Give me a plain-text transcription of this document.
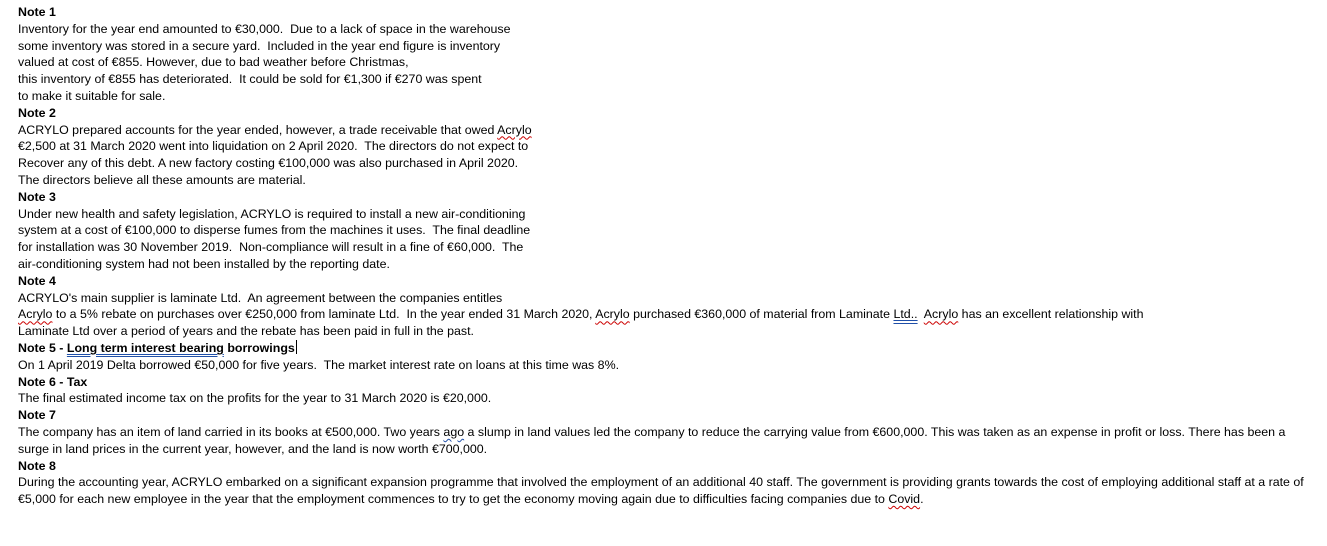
Note 1
Inventory for the year end amounted to €30,000.  Due to a lack of space in the warehouse
some inventory was stored in a secure yard.  Included in the year end figure is inventory
valued at cost of €855. However, due to bad weather before Christmas,
this inventory of €855 has deteriorated.  It could be sold for €1,300 if €270 was spent
to make it suitable for sale.
Note 2
ACRYLO prepared accounts for the year ended, however, a trade receivable that owed Acrylo
€2,500 at 31 March 2020 went into liquidation on 2 April 2020.  The directors do not expect to
Recover any of this debt. A new factory costing €100,000 was also purchased in April 2020.
The directors believe all these amounts are material.
Note 3
Under new health and safety legislation, ACRYLO is required to install a new air-conditioning
system at a cost of €100,000 to disperse fumes from the machines it uses.  The final deadline
for installation was 30 November 2019.  Non-compliance will result in a fine of €60,000.  The
air-conditioning system had not been installed by the reporting date.
Note 4
ACRYLO's main supplier is laminate Ltd.  An agreement between the companies entitles
Acrylo to a 5% rebate on purchases over €250,000 from laminate Ltd.  In the year ended 31 March 2020, Acrylo purchased €360,000 of material from Laminate Ltd.. Acrylo has an excellent relationship with
Laminate Ltd over a period of years and the rebate has been paid in full in the past.
Note 5 - Long term interest bearing borrowings
On 1 April 2019 Delta borrowed €50,000 for five years.  The market interest rate on loans at this time was 8%.
Note 6 - Tax
The final estimated income tax on the profits for the year to 31 March 2020 is €20,000.
Note 7
The company has an item of land carried in its books at €500,000. Two years ago a slump in land values led the company to reduce the carrying value from €600,000. This was taken as an expense in profit or loss. There has been a surge in land prices in the current year, however, and the land is now worth €700,000.
Note 8
During the accounting year, ACRYLO embarked on a significant expansion programme that involved the employment of an additional 40 staff. The government is providing grants towards the cost of employing additional staff at a rate of €5,000 for each new employee in the year that the employment commences to try to get the economy moving again due to difficulties facing companies due to Covid.
